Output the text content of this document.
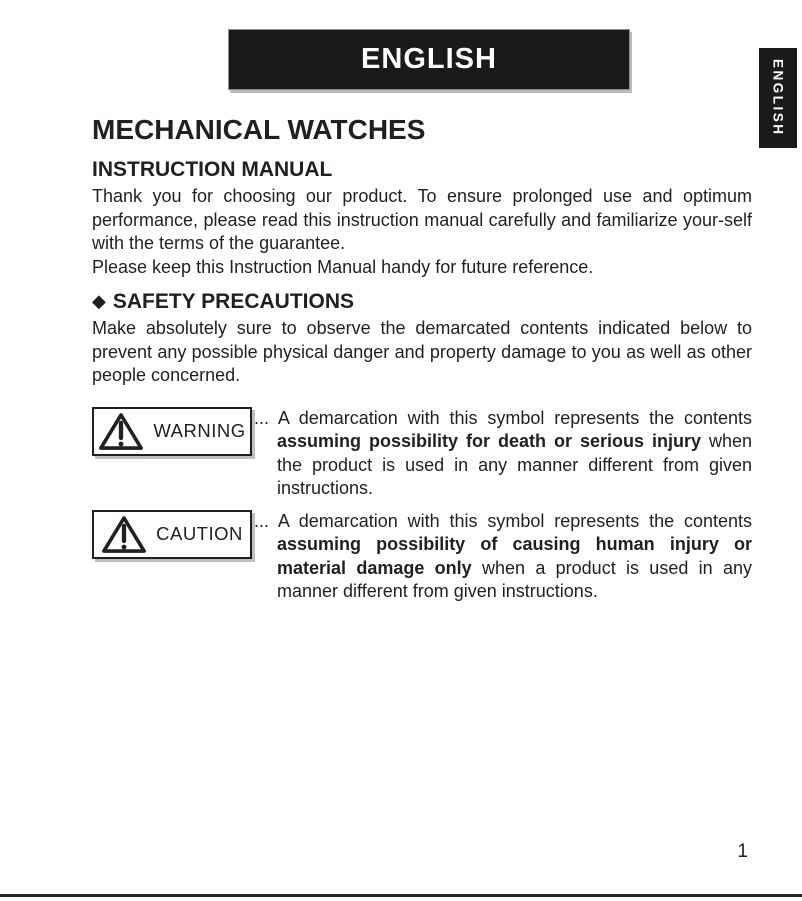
ENGLISH
ENGLISH
MECHANICAL WATCHES
INSTRUCTION MANUAL

Thank you for choosing our product. To ensure prolonged use and optimum performance, please read this instruction manual carefully and familiarize your-self with the terms of the guarantee.

Please keep this Instruction Manual handy for future reference.

◆ SAFETY PRECAUTIONS

Make absolutely sure to observe the demarcated contents indicated below to prevent any possible physical danger and property damage to you as well as other people concerned.

WARNING

... A demarcation with this symbol represents the contents assuming possibility for death or serious injury when the product is used in any manner different from given instructions.

CAUTION

... A demarcation with this symbol represents the contents assuming possibility of causing human injury or material damage only when a product is used in any manner different from given instructions.

1
